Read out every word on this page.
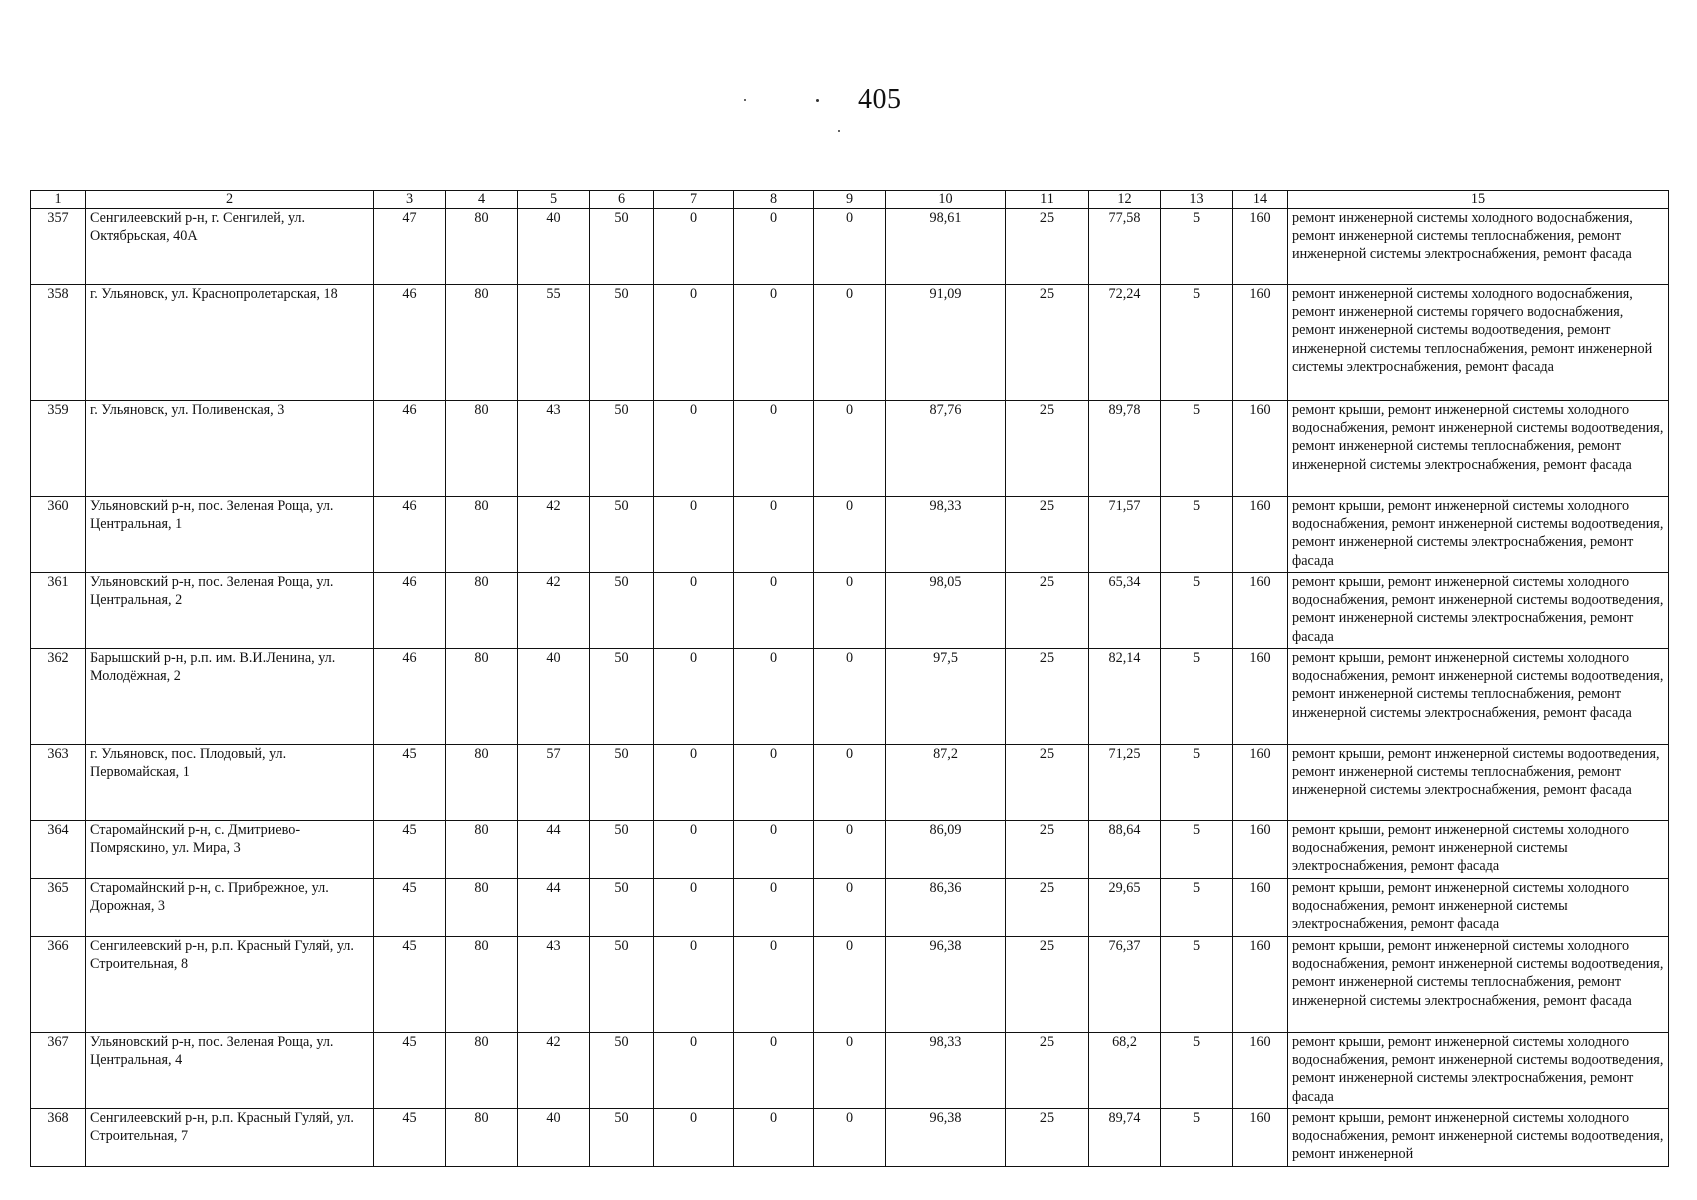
405
1	2	3	4	5	6	7	8	9	10	11	12	13	14	15
357	Сенгилеевский р-н, г. Сенгилей, ул. Октябрьская, 40А	47	80	40	50	0	0	0	98,61	25	77,58	5	160	ремонт инженерной системы холодного водоснабжения, ремонт инженерной системы теплоснабжения, ремонт инженерной системы электроснабжения, ремонт фасада
358	г. Ульяновск, ул. Краснопролетарская, 18	46	80	55	50	0	0	0	91,09	25	72,24	5	160	ремонт инженерной системы холодного водоснабжения, ремонт инженерной системы горячего водоснабжения, ремонт инженерной системы водоотведения, ремонт инженерной системы теплоснабжения, ремонт инженерной системы электроснабжения, ремонт фасада
359	г. Ульяновск, ул. Поливенская, 3	46	80	43	50	0	0	0	87,76	25	89,78	5	160	ремонт крыши, ремонт инженерной системы холодного водоснабжения, ремонт инженерной системы водоотведения, ремонт инженерной системы теплоснабжения, ремонт инженерной системы электроснабжения, ремонт фасада
360	Ульяновский р-н, пос. Зеленая Роща, ул. Центральная, 1	46	80	42	50	0	0	0	98,33	25	71,57	5	160	ремонт крыши, ремонт инженерной системы холодного водоснабжения, ремонт инженерной системы водоотведения, ремонт инженерной системы электроснабжения, ремонт фасада
361	Ульяновский р-н, пос. Зеленая Роща, ул. Центральная, 2	46	80	42	50	0	0	0	98,05	25	65,34	5	160	ремонт крыши, ремонт инженерной системы холодного водоснабжения, ремонт инженерной системы водоотведения, ремонт инженерной системы электроснабжения, ремонт фасада
362	Барышский р-н, р.п. им. В.И.Ленина, ул. Молодёжная, 2	46	80	40	50	0	0	0	97,5	25	82,14	5	160	ремонт крыши, ремонт инженерной системы холодного водоснабжения, ремонт инженерной системы водоотведения, ремонт инженерной системы теплоснабжения, ремонт инженерной системы электроснабжения, ремонт фасада
363	г. Ульяновск, пос. Плодовый, ул. Первомайская, 1	45	80	57	50	0	0	0	87,2	25	71,25	5	160	ремонт крыши, ремонт инженерной системы водоотведения, ремонт инженерной системы теплоснабжения, ремонт инженерной системы электроснабжения, ремонт фасада
364	Старомайнский р-н, с. Дмитриево-Помряскино, ул. Мира, 3	45	80	44	50	0	0	0	86,09	25	88,64	5	160	ремонт крыши, ремонт инженерной системы холодного водоснабжения, ремонт инженерной системы электроснабжения, ремонт фасада
365	Старомайнский р-н, с. Прибрежное, ул. Дорожная, 3	45	80	44	50	0	0	0	86,36	25	29,65	5	160	ремонт крыши, ремонт инженерной системы холодного водоснабжения, ремонт инженерной системы электроснабжения, ремонт фасада
366	Сенгилеевский р-н, р.п. Красный Гуляй, ул. Строительная, 8	45	80	43	50	0	0	0	96,38	25	76,37	5	160	ремонт крыши, ремонт инженерной системы холодного водоснабжения, ремонт инженерной системы водоотведения, ремонт инженерной системы теплоснабжения, ремонт инженерной системы электроснабжения, ремонт фасада
367	Ульяновский р-н, пос. Зеленая Роща, ул. Центральная, 4	45	80	42	50	0	0	0	98,33	25	68,2	5	160	ремонт крыши, ремонт инженерной системы холодного водоснабжения, ремонт инженерной системы водоотведения, ремонт инженерной системы электроснабжения, ремонт фасада
368	Сенгилеевский р-н, р.п. Красный Гуляй, ул. Строительная, 7	45	80	40	50	0	0	0	96,38	25	89,74	5	160	ремонт крыши, ремонт инженерной системы холодного водоснабжения, ремонт инженерной системы водоотведения, ремонт инженерной
